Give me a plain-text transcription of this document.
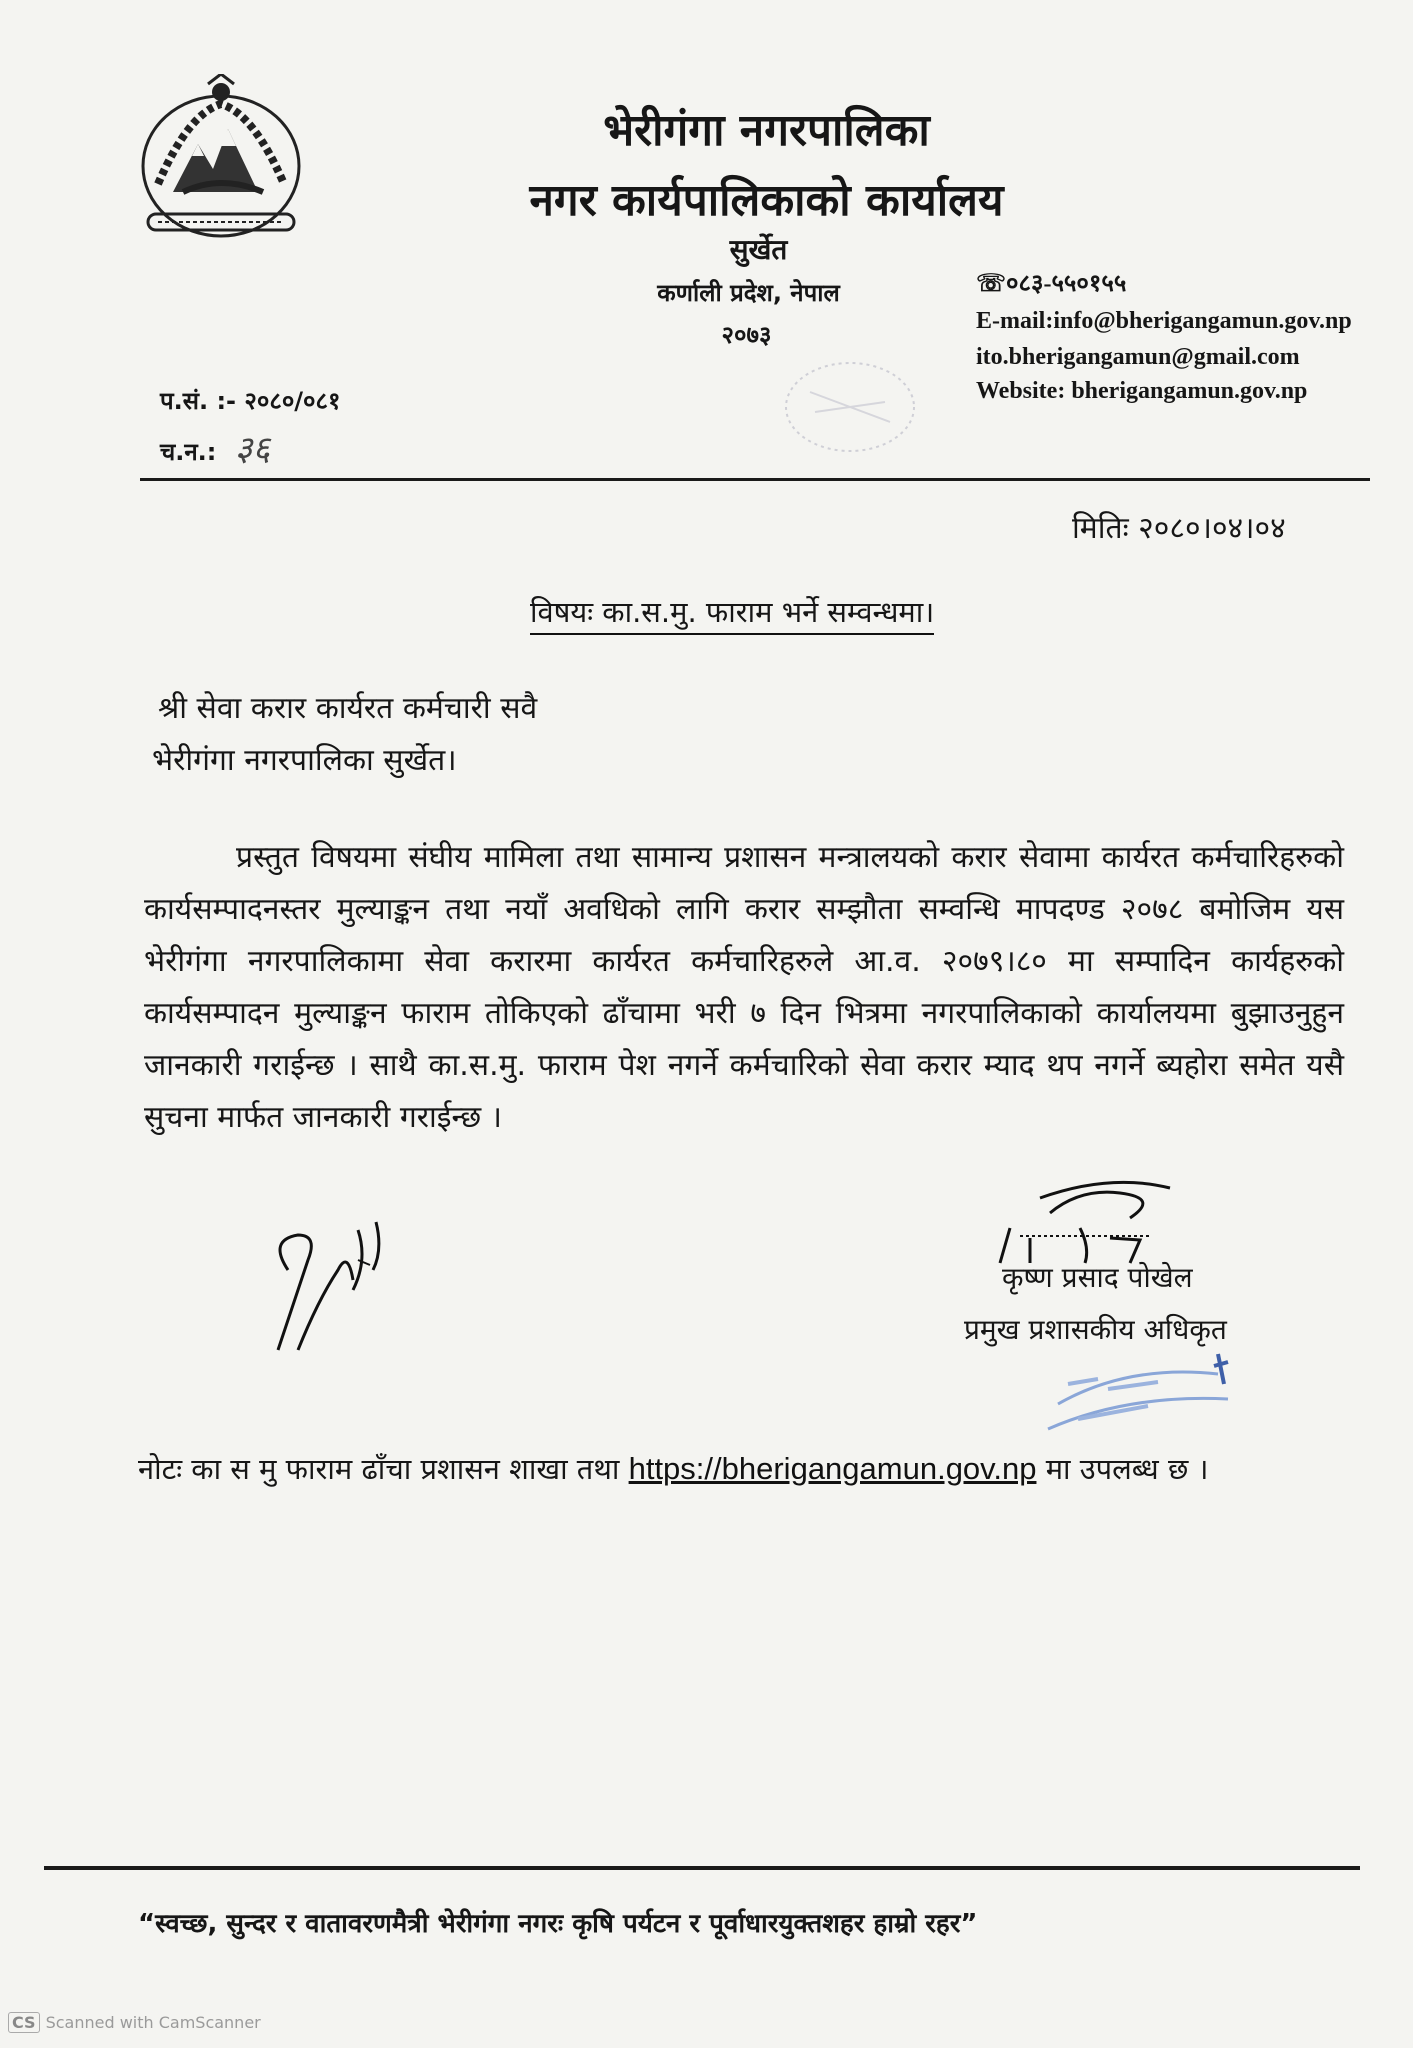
भेरीगंगा नगरपालिका
नगर कार्यपालिकाको कार्यालय
सुर्खेत
कर्णाली प्रदेश, नेपाल
२०७३
☏०८३-५५०१५५
E-mail:info@bherigangamun.gov.np
ito.bherigangamun@gmail.com
Website: bherigangamun.gov.np
प.सं. :- २०८०/०८१
च.न.: ३६
मितिः २०८०।०४।०४
विषयः का.स.मु. फाराम भर्ने सम्वन्धमा।
श्री सेवा करार कार्यरत कर्मचारी सवै
भेरीगंगा नगरपालिका सुर्खेत।
प्रस्तुत विषयमा संघीय मामिला तथा सामान्य प्रशासन मन्त्रालयको करार सेवामा कार्यरत कर्मचारिहरुको कार्यसम्पादनस्तर मुल्याङ्कन तथा नयाँ अवधिको लागि करार सम्झौता सम्वन्धि मापदण्ड २०७८ बमोजिम यस भेरीगंगा नगरपालिकामा सेवा करारमा कार्यरत कर्मचारिहरुले आ.व. २०७९।८० मा सम्पादिन कार्यहरुको कार्यसम्पादन मुल्याङ्कन फाराम तोकिएको ढाँचामा भरी ७ दिन भित्रमा नगरपालिकाको कार्यालयमा बुझाउनुहुन जानकारी गराईन्छ । साथै का.स.मु. फाराम पेश नगर्ने कर्मचारिको सेवा करार म्याद थप नगर्ने ब्यहोरा समेत यसै सुचना मार्फत जानकारी गराईन्छ ।
कृष्ण प्रसाद पोखेल
प्रमुख प्रशासकीय अधिकृत
नोटः का स मु फाराम ढाँचा प्रशासन शाखा तथा https://bherigangamun.gov.np मा उपलब्ध छ ।
“स्वच्छ, सुन्दर र वातावरणमैत्री भेरीगंगा नगरः कृषि पर्यटन र पूर्वाधारयुक्तशहर हाम्रो रहर”
CS Scanned with CamScanner
